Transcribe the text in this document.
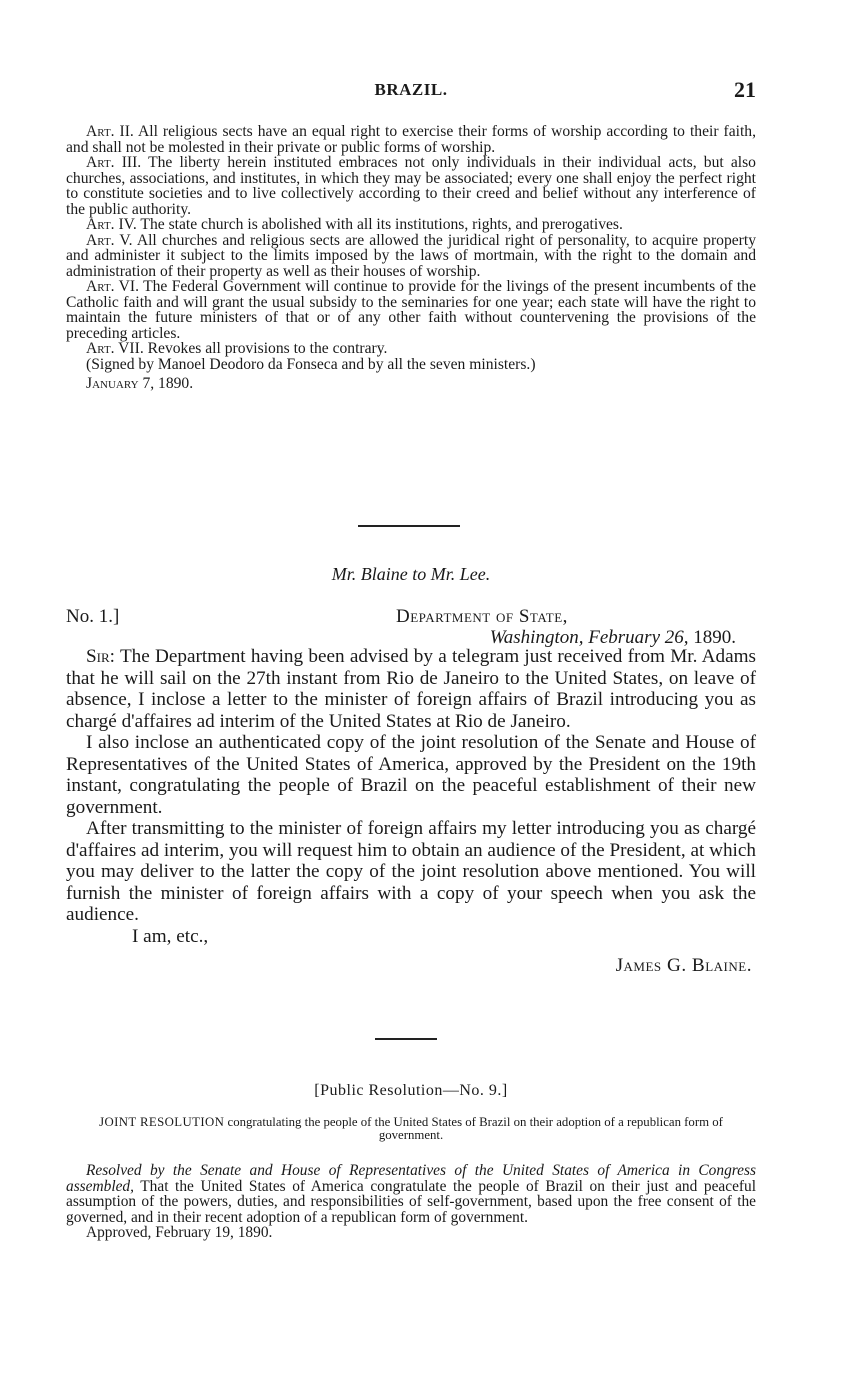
BRAZIL.	21

Art. II. All religious sects have an equal right to exercise their forms of worship according to their faith, and shall not be molested in their private or public forms of worship.

Art. III. The liberty herein instituted embraces not only individuals in their individual acts, but also churches, associations, and institutes, in which they may be associated; every one shall enjoy the perfect right to constitute societies and to live collectively according to their creed and belief without any interference of the public authority.

Art. IV. The state church is abolished with all its institutions, rights, and prerogatives.

Art. V. All churches and religious sects are allowed the juridical right of personality, to acquire property and administer it subject to the limits imposed by the laws of mortmain, with the right to the domain and administration of their property as well as their houses of worship.

Art. VI. The Federal Government will continue to provide for the livings of the present incumbents of the Catholic faith and will grant the usual subsidy to the seminaries for one year; each state will have the right to maintain the future ministers of that or of any other faith without countervening the provisions of the preceding articles.

Art. VII. Revokes all provisions to the contrary.

(Signed by Manoel Deodoro da Fonseca and by all the seven ministers.)

January 7, 1890.

Mr. Blaine to Mr. Lee.
No. 1.]	Department of State,
Washington, February 26, 1890.

Sir: The Department having been advised by a telegram just received from Mr. Adams that he will sail on the 27th instant from Rio de Janeiro to the United States, on leave of absence, I inclose a letter to the minister of foreign affairs of Brazil introducing you as chargé d'affaires ad interim of the United States at Rio de Janeiro.

I also inclose an authenticated copy of the joint resolution of the Senate and House of Representatives of the United States of America, approved by the President on the 19th instant, congratulating the people of Brazil on the peaceful establishment of their new government.

After transmitting to the minister of foreign affairs my letter introducing you as chargé d'affaires ad interim, you will request him to obtain an audience of the President, at which you may deliver to the latter the copy of the joint resolution above mentioned. You will furnish the minister of foreign affairs with a copy of your speech when you ask the audience.

I am, etc.,

James G. Blaine.

[Public Resolution—No. 9.]
JOINT RESOLUTION congratulating the people of the United States of Brazil on their adoption of a republican form of government.

Resolved by the Senate and House of Representatives of the United States of America in Congress assembled, That the United States of America congratulate the people of Brazil on their just and peaceful assumption of the powers, duties, and responsibilities of self-government, based upon the free consent of the governed, and in their recent adoption of a republican form of government.

Approved, February 19, 1890.
